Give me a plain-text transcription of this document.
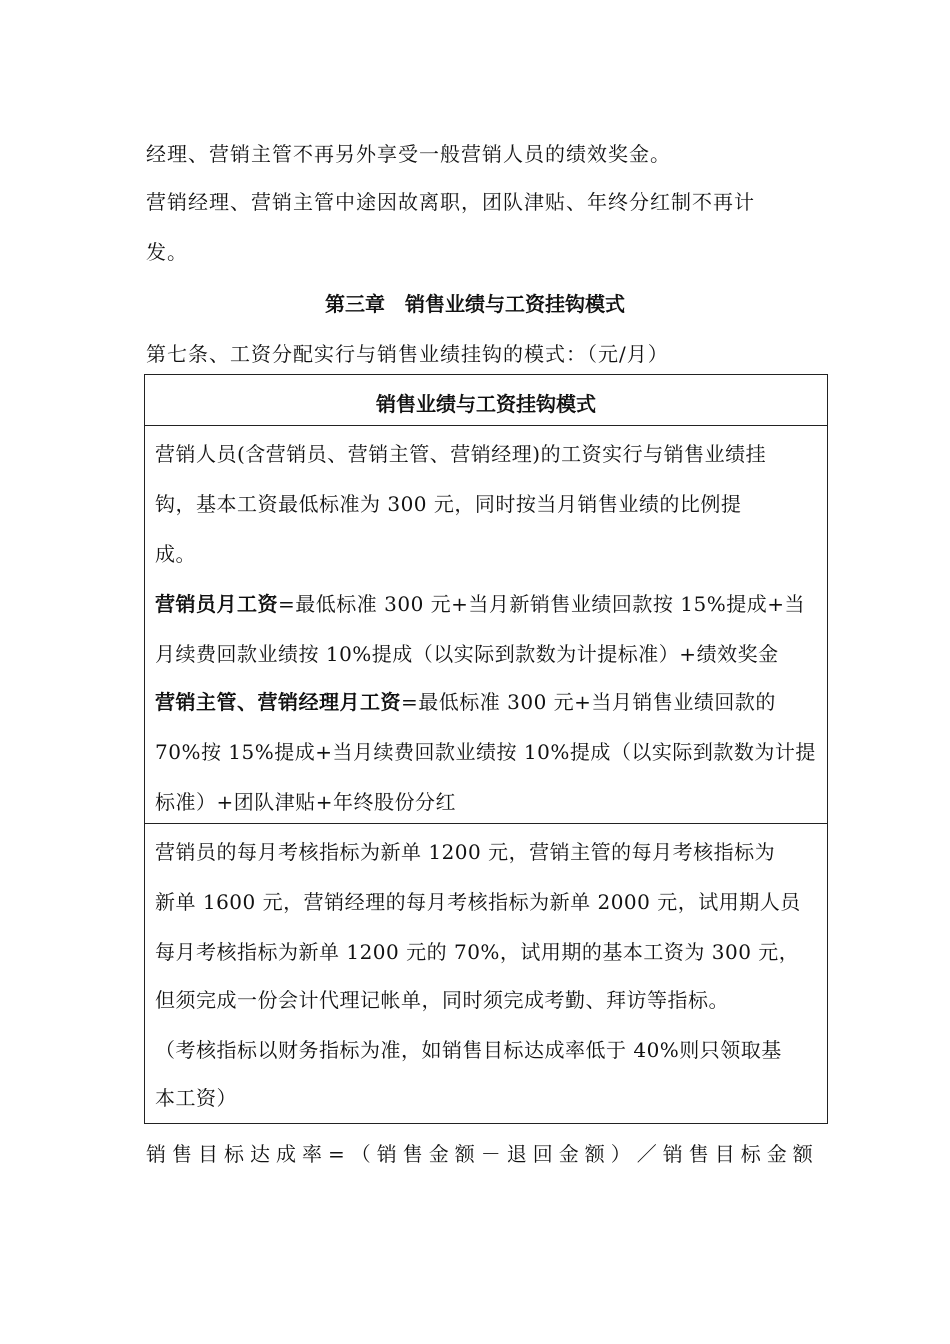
经理、营销主管不再另外享受一般营销人员的绩效奖金。
营销经理、营销主管中途因故离职，团队津贴、年终分红制不再计
发。
第三章　销售业绩与工资挂钩模式
第七条、工资分配实行与销售业绩挂钩的模式：（元/月）
销售业绩与工资挂钩模式
营销人员(含营销员、营销主管、营销经理)的工资实行与销售业绩挂
钩，基本工资最低标准为 300 元，同时按当月销售业绩的比例提
成。
营销员月工资=最低标准 300 元+当月新销售业绩回款按 15%提成+当
月续费回款业绩按 10%提成（以实际到款数为计提标准）+绩效奖金
营销主管、营销经理月工资=最低标准 300 元+当月销售业绩回款的
70%按 15%提成+当月续费回款业绩按 10%提成（以实际到款数为计提
标准）+团队津贴+年终股份分红
营销员的每月考核指标为新单 1200 元，营销主管的每月考核指标为
新单 1600 元，营销经理的每月考核指标为新单 2000 元，试用期人员
每月考核指标为新单 1200 元的 70%，试用期的基本工资为 300 元，
但须完成一份会计代理记帐单，同时须完成考勤、拜访等指标。
（考核指标以财务指标为准，如销售目标达成率低于 40%则只领取基
本工资）
销售目标达成率=（销售金额－退回金额）／销售目标金额
